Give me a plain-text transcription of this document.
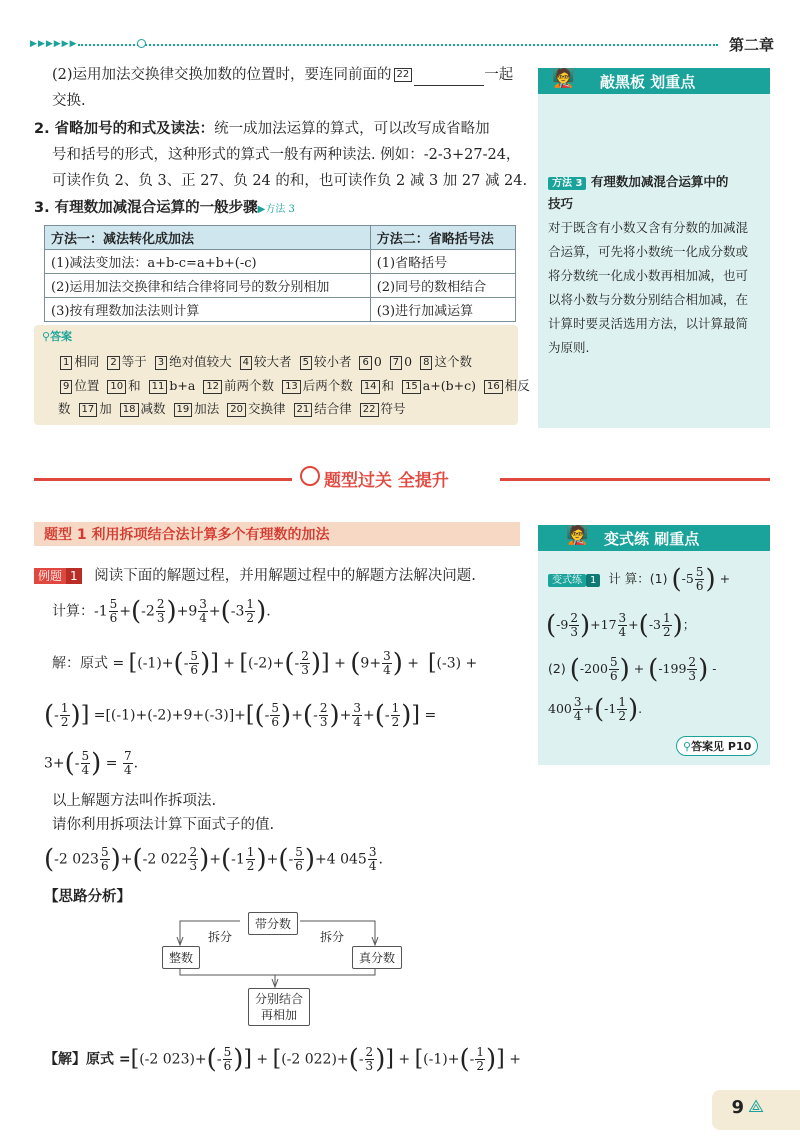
▶▶▶▶▶▶	第二章
(2)运用加法交换律交换加数的位置时，要连同前面的 22	一起
交换.
2. 省略加号的和式及读法：统一成加法运算的算式，可以改写成省略加
号和括号的形式，这种形式的算式一般有两种读法. 例如：-2-3+27-24，
可读作负 2、负 3、正 27、负 24 的和，也可读作负 2 减 3 加 27 减 24.
3. 有理数加减混合运算的一般步骤▶方法 3
方法一：减法转化成加法	方法二：省略括号法
(1)减法变加法：a+b-c=a+b+(-c)	(1)省略括号
(2)运用加法交换律和结合律将同号的数分别相加	(2)同号的数相结合
(3)按有理数加法法则计算	(3)进行加减运算
⚲答案
1 相同 2 等于 3 绝对值较大 4 较大者 5 较小者 6 0 7 0 8 这个数
9 位置 10 和 11 b+a 12 前两个数 13 后两个数 14 和 15 a+(b+c) 16 相反
数 17 加 18 减数 19 加法 20 交换律 21 结合律 22 符号
🧑‍🏫 敲黑板 划重点
方法 3 有理数加减混合运算中的
技巧
对于既含有小数又含有分数的加减混
合运算，可先将小数统一化成分数或
将分数统一化成小数再相加减，也可
以将小数与分数分别结合相加减，在
计算时要灵活选用方法，以计算最简
为原则.
题型过关 全提升
题型 1 利用拆项结合法计算多个有理数的加法
例题 1 阅读下面的解题过程，并用解题过程中的解题方法解决问题.
计算：$-1 \frac{5}{6} +(-2 \frac{2}{3} )+9 \frac{3}{4} +(-3 \frac{1}{2}$ ).
解：原式 = [$(-1)+(- \frac{5}{6}$ )] + [$(-2)+(- \frac{2}{3}$ )] + ($9+ \frac{3}{4}$ ) +  [(-3) +
(- $\frac{1}{2}$ )] $=[(-1)+(-2)+9+(-3)]+[(- \frac{5}{6}$ )+(- $\frac{2}{3}$ )+ $\frac{3}{4}$ +(- $\frac{1}{2}$ )] =
$3+(- \frac{5}{4}$ ) = $\frac{7}{4}$ .
以上解题方法叫作拆项法.
请你利用拆项法计算下面式子的值.
(-2 $023 \frac{5}{6} )+(-2$ $022 \frac{2}{3} )+(-1 \frac{1}{2}$ )+(- $\frac{5}{6} )+4$ $045 \frac{3}{4}$ .
【思路分析】
带分数
拆分	拆分
整数	真分数
分别结合
再相加
【解】原式 =[(-2 $023)+(- \frac{5}{6}$ )] + [(-2 $022)+(- \frac{2}{3}$ )] + [$(-1)+(- \frac{1}{2}$ )] +
🧑‍🏫 变式练 刷重点
变式练 1 计 算：(1) ($-5 \frac{5}{6}$ ) +
$(-9 \frac{2}{3} )+17 \frac{3}{4} +(-3 \frac{1}{2}$ )；
(2) ($-200 \frac{5}{6}$ ) + ($-199 \frac{2}{3}$ ) -
$400 \frac{3}{4} +(-1 \frac{1}{2}$ ).
⚲答案见 P10
9 ⟁
